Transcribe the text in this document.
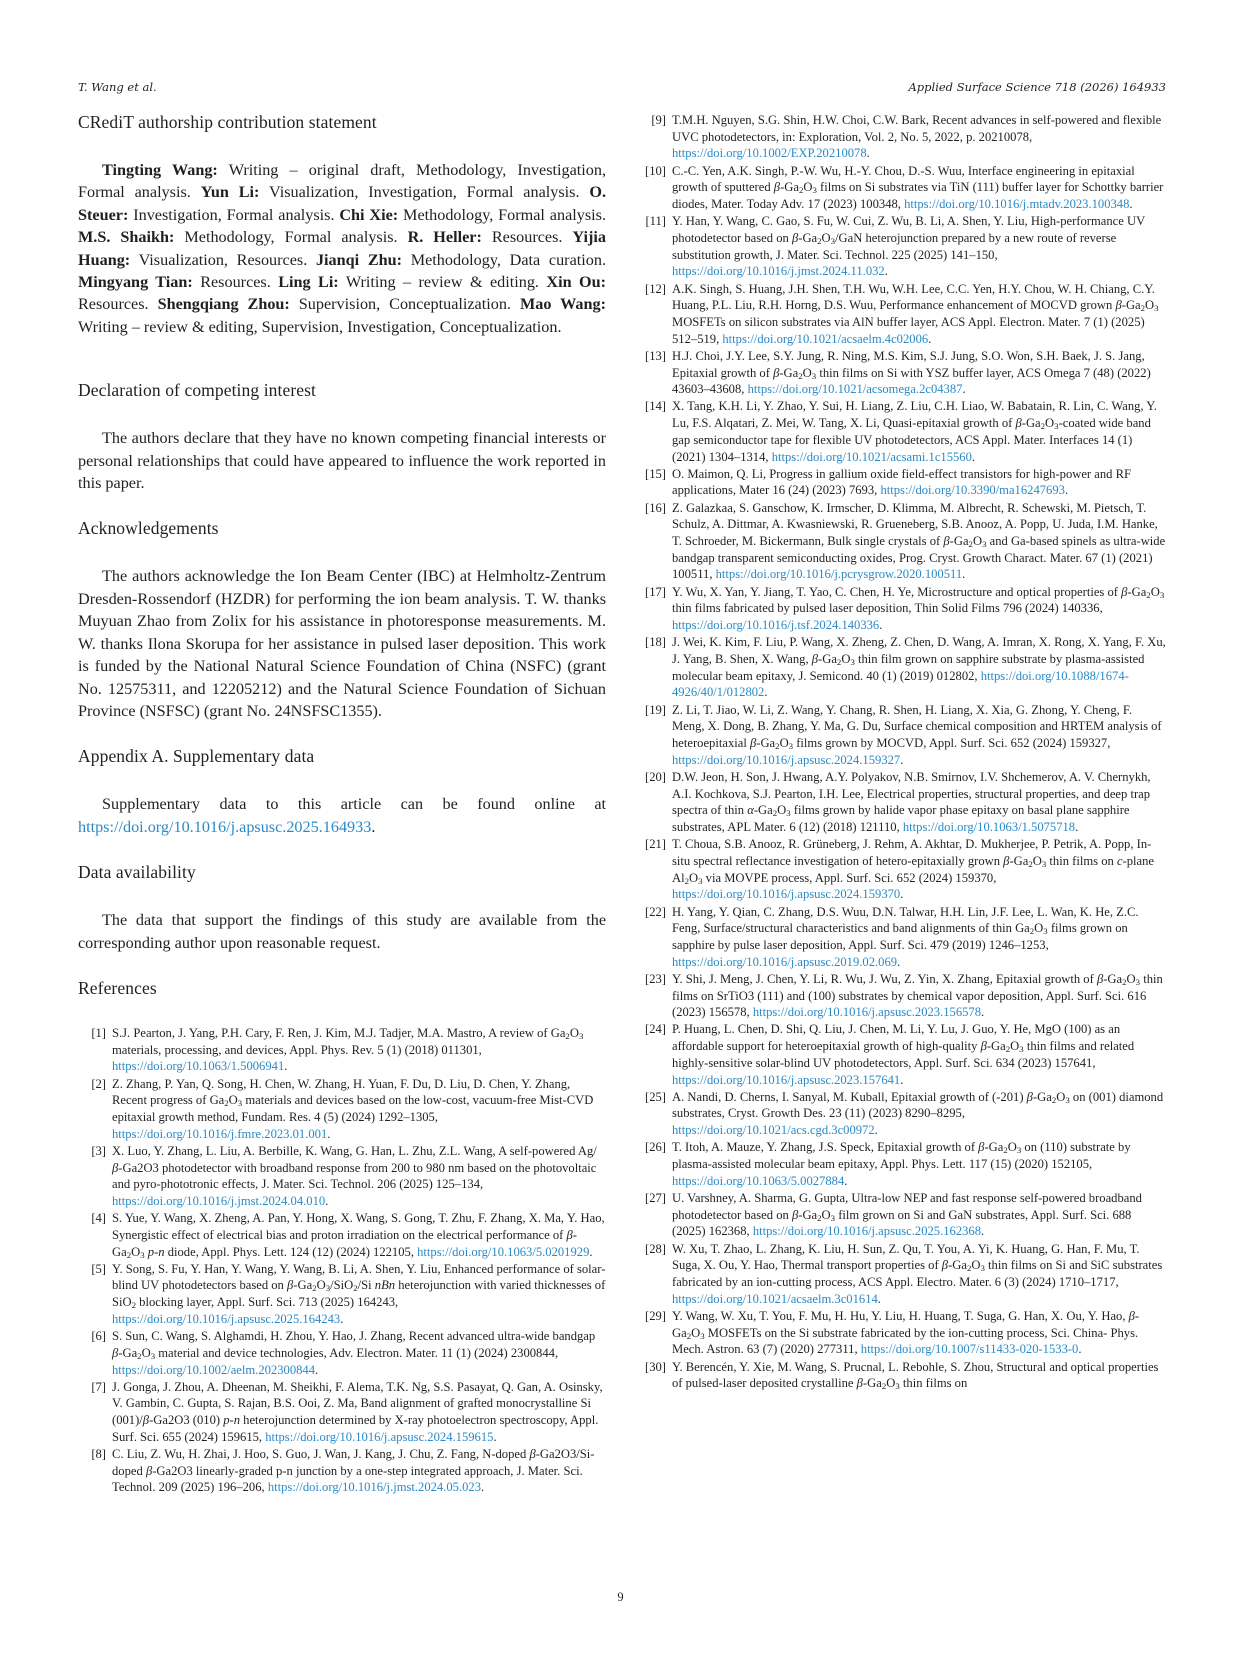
T. Wang et al.	Applied Surface Science 718 (2026) 164933
CRediT authorship contribution statement

Tingting Wang: Writing – original draft, Methodology, Investigation, Formal analysis. Yun Li: Visualization, Investigation, Formal analysis. O. Steuer: Investigation, Formal analysis. Chi Xie: Methodology, Formal analysis. M.S. Shaikh: Methodology, Formal analysis. R. Heller: Resources. Yijia Huang: Visualization, Resources. Jianqi Zhu: Methodology, Data curation. Mingyang Tian: Resources. Ling Li: Writing – review & editing. Xin Ou: Resources. Shengqiang Zhou: Supervision, Conceptualization. Mao Wang: Writing – review & editing, Supervision, Investigation, Conceptualization.

Declaration of competing interest

The authors declare that they have no known competing financial interests or personal relationships that could have appeared to influence the work reported in this paper.

Acknowledgements

The authors acknowledge the Ion Beam Center (IBC) at Helmholtz-Zentrum Dresden-Rossendorf (HZDR) for performing the ion beam analysis. T. W. thanks Muyuan Zhao from Zolix for his assistance in photoresponse measurements. M. W. thanks Ilona Skorupa for her assistance in pulsed laser deposition. This work is funded by the National Natural Science Foundation of China (NSFC) (grant No. 12575311, and 12205212) and the Natural Science Foundation of Sichuan Province (NSFSC) (grant No. 24NSFSC1355).

Appendix A. Supplementary data

Supplementary data to this article can be found online at https://doi.org/10.1016/j.apsusc.2025.164933.

Data availability

The data that support the findings of this study are available from the corresponding author upon reasonable request.

References
[1] S.J. Pearton, J. Yang, P.H. Cary, F. Ren, J. Kim, M.J. Tadjer, M.A. Mastro, A review of $Ga_2O_3$ materials, processing, and devices, Appl. Phys. Rev. 5 (1) (2018) 011301, https://doi.org/10.1063/1.5006941.
[2] Z. Zhang, P. Yan, Q. Song, H. Chen, W. Zhang, H. Yuan, F. Du, D. Liu, D. Chen, Y. Zhang, Recent progress of $Ga_2O_3$ materials and devices based on the low-cost, vacuum-free Mist-CVD epitaxial growth method, Fundam. Res. 4 (5) (2024) 1292–1305, https://doi.org/10.1016/j.fmre.2023.01.001.
[3] X. Luo, Y. Zhang, L. Liu, A. Berbille, K. Wang, G. Han, L. Zhu, Z.L. Wang, A self-powered Ag/β-Ga2O3 photodetector with broadband response from 200 to 980 nm based on the photovoltaic and pyro-phototronic effects, J. Mater. Sci. Technol. 206 (2025) 125–134, https://doi.org/10.1016/j.jmst.2024.04.010.
[4] S. Yue, Y. Wang, X. Zheng, A. Pan, Y. Hong, X. Wang, S. Gong, T. Zhu, F. Zhang, X. Ma, Y. Hao, Synergistic effect of electrical bias and proton irradiation on the electrical performance of $\beta-Ga_2O_3$ p-n diode, Appl. Phys. Lett. 124 (12) (2024) 122105, https://doi.org/10.1063/5.0201929.
[5] Y. Song, S. Fu, Y. Han, Y. Wang, Y. Wang, B. Li, A. Shen, Y. Liu, Enhanced performance of solar-blind UV photodetectors based on $\beta-Ga_2O_3/SiO_2/Si$ nBn heterojunction with varied thicknesses of SiO$_2$ blocking layer, Appl. Surf. Sci. 713 (2025) 164243, https://doi.org/10.1016/j.apsusc.2025.164243.
[6] S. Sun, C. Wang, S. Alghamdi, H. Zhou, Y. Hao, J. Zhang, Recent advanced ultra-wide bandgap $\beta-Ga_2O_3$ material and device technologies, Adv. Electron. Mater. 11 (1) (2024) 2300844, https://doi.org/10.1002/aelm.202300844.
[7] J. Gonga, J. Zhou, A. Dheenan, M. Sheikhi, F. Alema, T.K. Ng, S.S. Pasayat, Q. Gan, A. Osinsky, V. Gambin, C. Gupta, S. Rajan, B.S. Ooi, Z. Ma, Band alignment of grafted monocrystalline Si (001)/β-Ga2O3 (010) p-n heterojunction determined by X-ray photoelectron spectroscopy, Appl. Surf. Sci. 655 (2024) 159615, https://doi.org/10.1016/j.apsusc.2024.159615.
[8] C. Liu, Z. Wu, H. Zhai, J. Hoo, S. Guo, J. Wan, J. Kang, J. Chu, Z. Fang, N-doped β-Ga2O3/Si-doped β-Ga2O3 linearly-graded p-n junction by a one-step integrated approach, J. Mater. Sci. Technol. 209 (2025) 196–206, https://doi.org/10.1016/j.jmst.2024.05.023.
[9] T.M.H. Nguyen, S.G. Shin, H.W. Choi, C.W. Bark, Recent advances in self-powered and flexible UVC photodetectors, in: Exploration, Vol. 2, No. 5, 2022, p. 20210078, https://doi.org/10.1002/EXP.20210078.
[10] C.-C. Yen, A.K. Singh, P.-W. Wu, H.-Y. Chou, D.-S. Wuu, Interface engineering in epitaxial growth of sputtered $\beta-Ga_2O_3$ films on Si substrates via TiN (111) buffer layer for Schottky barrier diodes, Mater. Today Adv. 17 (2023) 100348, https://doi.org/10.1016/j.mtadv.2023.100348.
[11] Y. Han, Y. Wang, C. Gao, S. Fu, W. Cui, Z. Wu, B. Li, A. Shen, Y. Liu, High-performance UV photodetector based on $\beta-Ga_2O_3$/GaN heterojunction prepared by a new route of reverse substitution growth, J. Mater. Sci. Technol. 225 (2025) 141–150, https://doi.org/10.1016/j.jmst.2024.11.032.
[12] A.K. Singh, S. Huang, J.H. Shen, T.H. Wu, W.H. Lee, C.C. Yen, H.Y. Chou, W. H. Chiang, C.Y. Huang, P.L. Liu, R.H. Horng, D.S. Wuu, Performance enhancement of MOCVD grown $\beta-Ga_2O_3$ MOSFETs on silicon substrates via AlN buffer layer, ACS Appl. Electron. Mater. 7 (1) (2025) 512–519, https://doi.org/10.1021/acsaelm.4c02006.
[13] H.J. Choi, J.Y. Lee, S.Y. Jung, R. Ning, M.S. Kim, S.J. Jung, S.O. Won, S.H. Baek, J. S. Jang, Epitaxial growth of $\beta-Ga_2O_3$ thin films on Si with YSZ buffer layer, ACS Omega 7 (48) (2022) 43603–43608, https://doi.org/10.1021/acsomega.2c04387.
[14] X. Tang, K.H. Li, Y. Zhao, Y. Sui, H. Liang, Z. Liu, C.H. Liao, W. Babatain, R. Lin, C. Wang, Y. Lu, F.S. Alqatari, Z. Mei, W. Tang, X. Li, Quasi-epitaxial growth of $\beta-Ga_2O_3$-coated wide band gap semiconductor tape for flexible UV photodetectors, ACS Appl. Mater. Interfaces 14 (1) (2021) 1304–1314, https://doi.org/10.1021/acsami.1c15560.
[15] O. Maimon, Q. Li, Progress in gallium oxide field-effect transistors for high-power and RF applications, Mater 16 (24) (2023) 7693, https://doi.org/10.3390/ma16247693.
[16] Z. Galazkaa, S. Ganschow, K. Irmscher, D. Klimma, M. Albrecht, R. Schewski, M. Pietsch, T. Schulz, A. Dittmar, A. Kwasniewski, R. Grueneberg, S.B. Anooz, A. Popp, U. Juda, I.M. Hanke, T. Schroeder, M. Bickermann, Bulk single crystals of $\beta-Ga_2O_3$ and Ga-based spinels as ultra-wide bandgap transparent semiconducting oxides, Prog. Cryst. Growth Charact. Mater. 67 (1) (2021) 100511, https://doi.org/10.1016/j.pcrysgrow.2020.100511.
[17] Y. Wu, X. Yan, Y. Jiang, T. Yao, C. Chen, H. Ye, Microstructure and optical properties of $\beta-Ga_2O_3$ thin films fabricated by pulsed laser deposition, Thin Solid Films 796 (2024) 140336, https://doi.org/10.1016/j.tsf.2024.140336.
[18] J. Wei, K. Kim, F. Liu, P. Wang, X. Zheng, Z. Chen, D. Wang, A. Imran, X. Rong, X. Yang, F. Xu, J. Yang, B. Shen, X. Wang, $\beta-Ga_2O_3$ thin film grown on sapphire substrate by plasma-assisted molecular beam epitaxy, J. Semicond. 40 (1) (2019) 012802, https://doi.org/10.1088/1674-4926/40/1/012802.
[19] Z. Li, T. Jiao, W. Li, Z. Wang, Y. Chang, R. Shen, H. Liang, X. Xia, G. Zhong, Y. Cheng, F. Meng, X. Dong, B. Zhang, Y. Ma, G. Du, Surface chemical composition and HRTEM analysis of heteroepitaxial $\beta-Ga_2O_3$ films grown by MOCVD, Appl. Surf. Sci. 652 (2024) 159327, https://doi.org/10.1016/j.apsusc.2024.159327.
[20] D.W. Jeon, H. Son, J. Hwang, A.Y. Polyakov, N.B. Smirnov, I.V. Shchemerov, A. V. Chernykh, A.I. Kochkova, S.J. Pearton, I.H. Lee, Electrical properties, structural properties, and deep trap spectra of thin $\alpha-Ga_2O_3$ films grown by halide vapor phase epitaxy on basal plane sapphire substrates, APL Mater. 6 (12) (2018) 121110, https://doi.org/10.1063/1.5075718.
[21] T. Choua, S.B. Anooz, R. Grüneberg, J. Rehm, A. Akhtar, D. Mukherjee, P. Petrik, A. Popp, In-situ spectral reflectance investigation of hetero-epitaxially grown $\beta-Ga_2O_3$ thin films on c-plane $Al_2O_3$ via MOVPE process, Appl. Surf. Sci. 652 (2024) 159370, https://doi.org/10.1016/j.apsusc.2024.159370.
[22] H. Yang, Y. Qian, C. Zhang, D.S. Wuu, D.N. Talwar, H.H. Lin, J.F. Lee, L. Wan, K. He, Z.C. Feng, Surface/structural characteristics and band alignments of thin $Ga_2O_3$ films grown on sapphire by pulse laser deposition, Appl. Surf. Sci. 479 (2019) 1246–1253, https://doi.org/10.1016/j.apsusc.2019.02.069.
[23] Y. Shi, J. Meng, J. Chen, Y. Li, R. Wu, J. Wu, Z. Yin, X. Zhang, Epitaxial growth of $\beta-Ga_2O_3$ thin films on SrTiO3 (111) and (100) substrates by chemical vapor deposition, Appl. Surf. Sci. 616 (2023) 156578, https://doi.org/10.1016/j.apsusc.2023.156578.
[24] P. Huang, L. Chen, D. Shi, Q. Liu, J. Chen, M. Li, Y. Lu, J. Guo, Y. He, MgO (100) as an affordable support for heteroepitaxial growth of high-quality $\beta-Ga_2O_3$ thin films and related highly-sensitive solar-blind UV photodetectors, Appl. Surf. Sci. 634 (2023) 157641, https://doi.org/10.1016/j.apsusc.2023.157641.
[25] A. Nandi, D. Cherns, I. Sanyal, M. Kuball, Epitaxial growth of (-201) $\beta-Ga_2O_3$ on (001) diamond substrates, Cryst. Growth Des. 23 (11) (2023) 8290–8295, https://doi.org/10.1021/acs.cgd.3c00972.
[26] T. Itoh, A. Mauze, Y. Zhang, J.S. Speck, Epitaxial growth of $\beta-Ga_2O_3$ on (110) substrate by plasma-assisted molecular beam epitaxy, Appl. Phys. Lett. 117 (15) (2020) 152105, https://doi.org/10.1063/5.0027884.
[27] U. Varshney, A. Sharma, G. Gupta, Ultra-low NEP and fast response self-powered broadband photodetector based on $\beta-Ga_2O_3$ film grown on Si and GaN substrates, Appl. Surf. Sci. 688 (2025) 162368, https://doi.org/10.1016/j.apsusc.2025.162368.
[28] W. Xu, T. Zhao, L. Zhang, K. Liu, H. Sun, Z. Qu, T. You, A. Yi, K. Huang, G. Han, F. Mu, T. Suga, X. Ou, Y. Hao, Thermal transport properties of $\beta-Ga_2O_3$ thin films on Si and SiC substrates fabricated by an ion-cutting process, ACS Appl. Electro. Mater. 6 (3) (2024) 1710–1717, https://doi.org/10.1021/acsaelm.3c01614.
[29] Y. Wang, W. Xu, T. You, F. Mu, H. Hu, Y. Liu, H. Huang, T. Suga, G. Han, X. Ou, Y. Hao, $\beta-Ga_2O_3$ MOSFETs on the Si substrate fabricated by the ion-cutting process, Sci. China- Phys. Mech. Astron. 63 (7) (2020) 277311, https://doi.org/10.1007/s11433-020-1533-0.
[30] Y. Berencén, Y. Xie, M. Wang, S. Prucnal, L. Rebohle, S. Zhou, Structural and optical properties of pulsed-laser deposited crystalline $\beta-Ga_2O_3$ thin films on
9
